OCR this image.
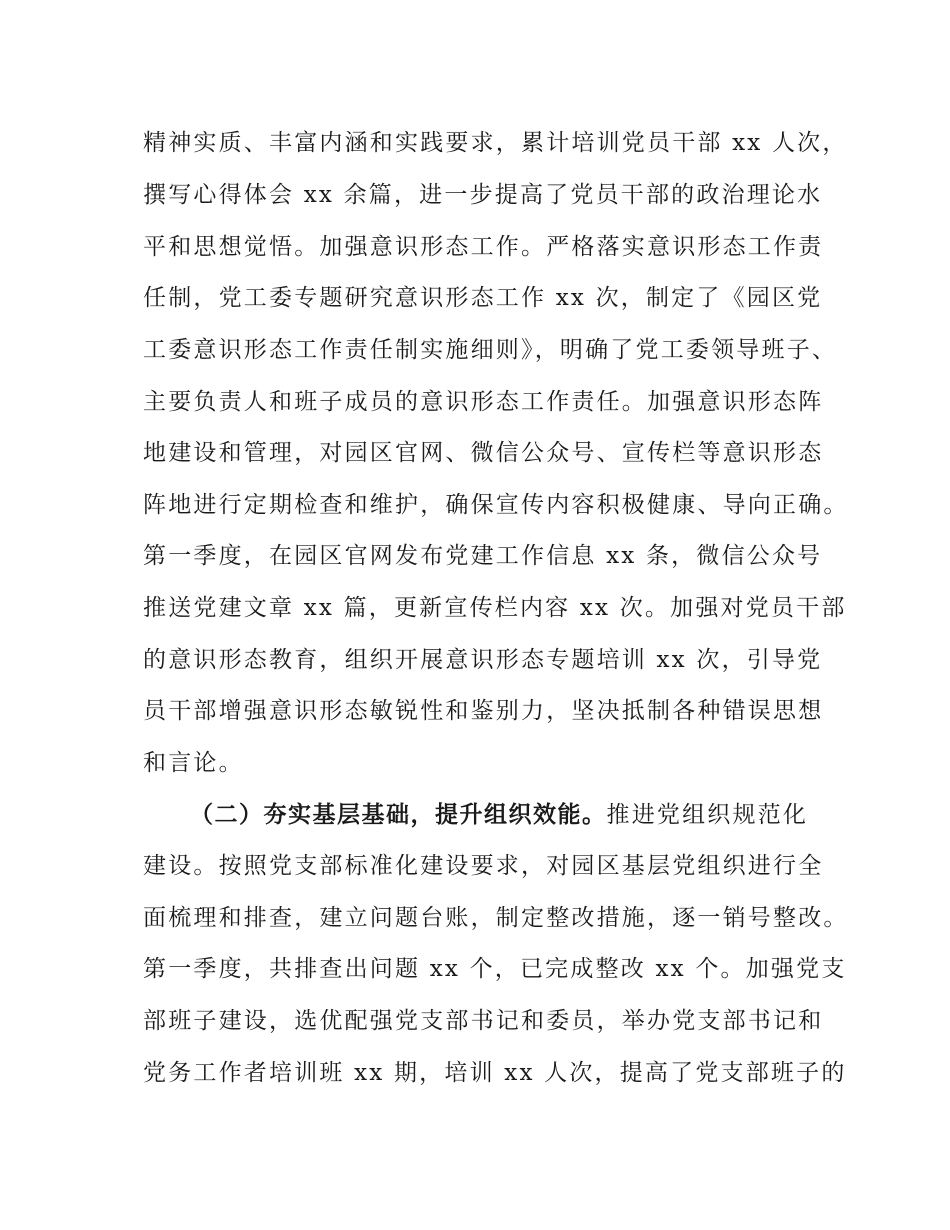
精神实质、丰富内涵和实践要求，累计培训党员干部 xx 人次，
撰写心得体会 xx 余篇，进一步提高了党员干部的政治理论水
平和思想觉悟。加强意识形态工作。严格落实意识形态工作责
任制，党工委专题研究意识形态工作 xx 次，制定了《园区党
工委意识形态工作责任制实施细则》，明确了党工委领导班子、
主要负责人和班子成员的意识形态工作责任。加强意识形态阵
地建设和管理，对园区官网、微信公众号、宣传栏等意识形态
阵地进行定期检查和维护，确保宣传内容积极健康、导向正确。
第一季度，在园区官网发布党建工作信息 xx 条，微信公众号
推送党建文章 xx 篇，更新宣传栏内容 xx 次。加强对党员干部
的意识形态教育，组织开展意识形态专题培训 xx 次，引导党
员干部增强意识形态敏锐性和鉴别力，坚决抵制各种错误思想
和言论。
（二）夯实基层基础，提升组织效能。推进党组织规范化
建设。按照党支部标准化建设要求，对园区基层党组织进行全
面梳理和排查，建立问题台账，制定整改措施，逐一销号整改。
第一季度，共排查出问题 xx 个，已完成整改 xx 个。加强党支
部班子建设，选优配强党支部书记和委员，举办党支部书记和
党务工作者培训班 xx 期，培训 xx 人次，提高了党支部班子的
